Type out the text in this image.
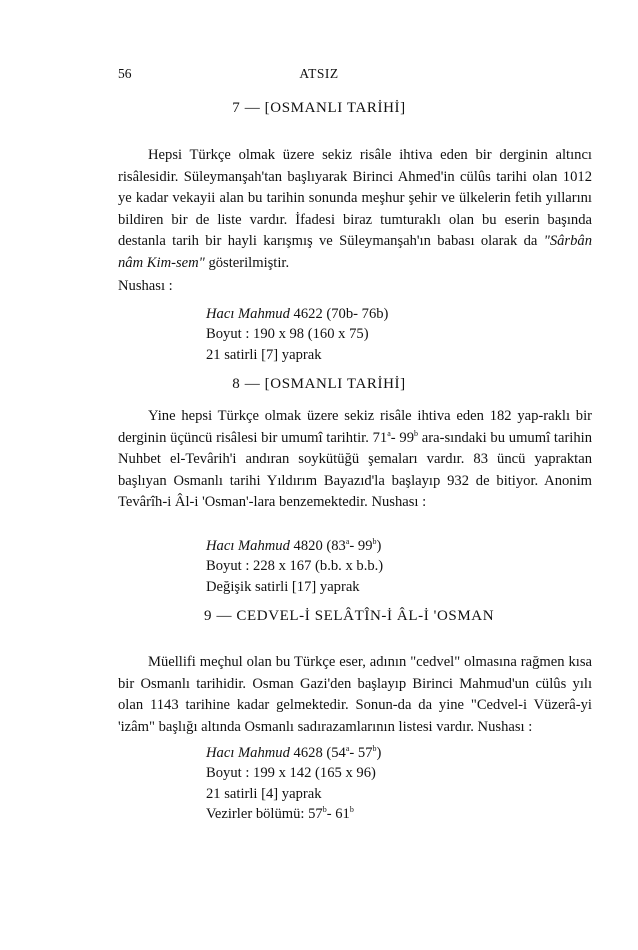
56	ATSIZ
7 — [OSMANLI TARİHİ]

Hepsi Türkçe olmak üzere sekiz risâle ihtiva eden bir derginin altıncı risâlesidir. Süleymanşah'tan başlıyarak Birinci Ahmed'in cülûs tarihi olan 1012 ye kadar vekayii alan bu tarihin sonunda meşhur şehir ve ülkelerin fetih yıllarını bildiren bir de liste vardır. İfadesi biraz tumturaklı olan bu eserin başında destanla tarih bir hayli karışmış ve Süleymanşah'ın babası olarak da "Sârbân nâm Kim-sem" gösterilmiştir.

Nushası :
Hacı Mahmud 4622 (70b- 76b)
Boyut : 190 x 98 (160 x 75)
21 satirli [7] yaprak
8 — [OSMANLI TARİHİ]

Yine hepsi Türkçe olmak üzere sekiz risâle ihtiva eden 182 yap-raklı bir derginin üçüncü risâlesi bir umumî tarihtir. 71$^a$- 99$^b$ ara-sındaki bu umumî tarihin Nuhbet el-Tevârih'i andıran soykütüğü şemaları vardır. 83 üncü yapraktan başlıyan Osmanlı tarihi Yıldırım Bayazıd'la başlayıp 932 de bitiyor. Anonim Tevârîh-i Âl-i 'Osman'-lara benzemektedir. Nushası :

Hacı Mahmud 4820 (83$^a$- 99$^b$)
Boyut : 228 x 167 (b.b. x b.b.)
Değişik satirli [17] yaprak
9 — CEDVEL-İ SELÂTÎN-İ ÂL-İ 'OSMAN

Müellifi meçhul olan bu Türkçe eser, adının "cedvel" olmasına rağmen kısa bir Osmanlı tarihidir. Osman Gazi'den başlayıp Birinci Mahmud'un cülûs yılı olan 1143 tarihine kadar gelmektedir. Sonun-da da yine "Cedvel-i Vüzerâ-yi 'izâm" başlığı altında Osmanlı sadırazamlarının listesi vardır. Nushası :

Hacı Mahmud 4628 (54$^a$- 57$^b$)
Boyut : 199 x 142 (165 x 96)
21 satirli [4] yaprak
Vezirler bölümü: 57$^b$- 61$^b$
